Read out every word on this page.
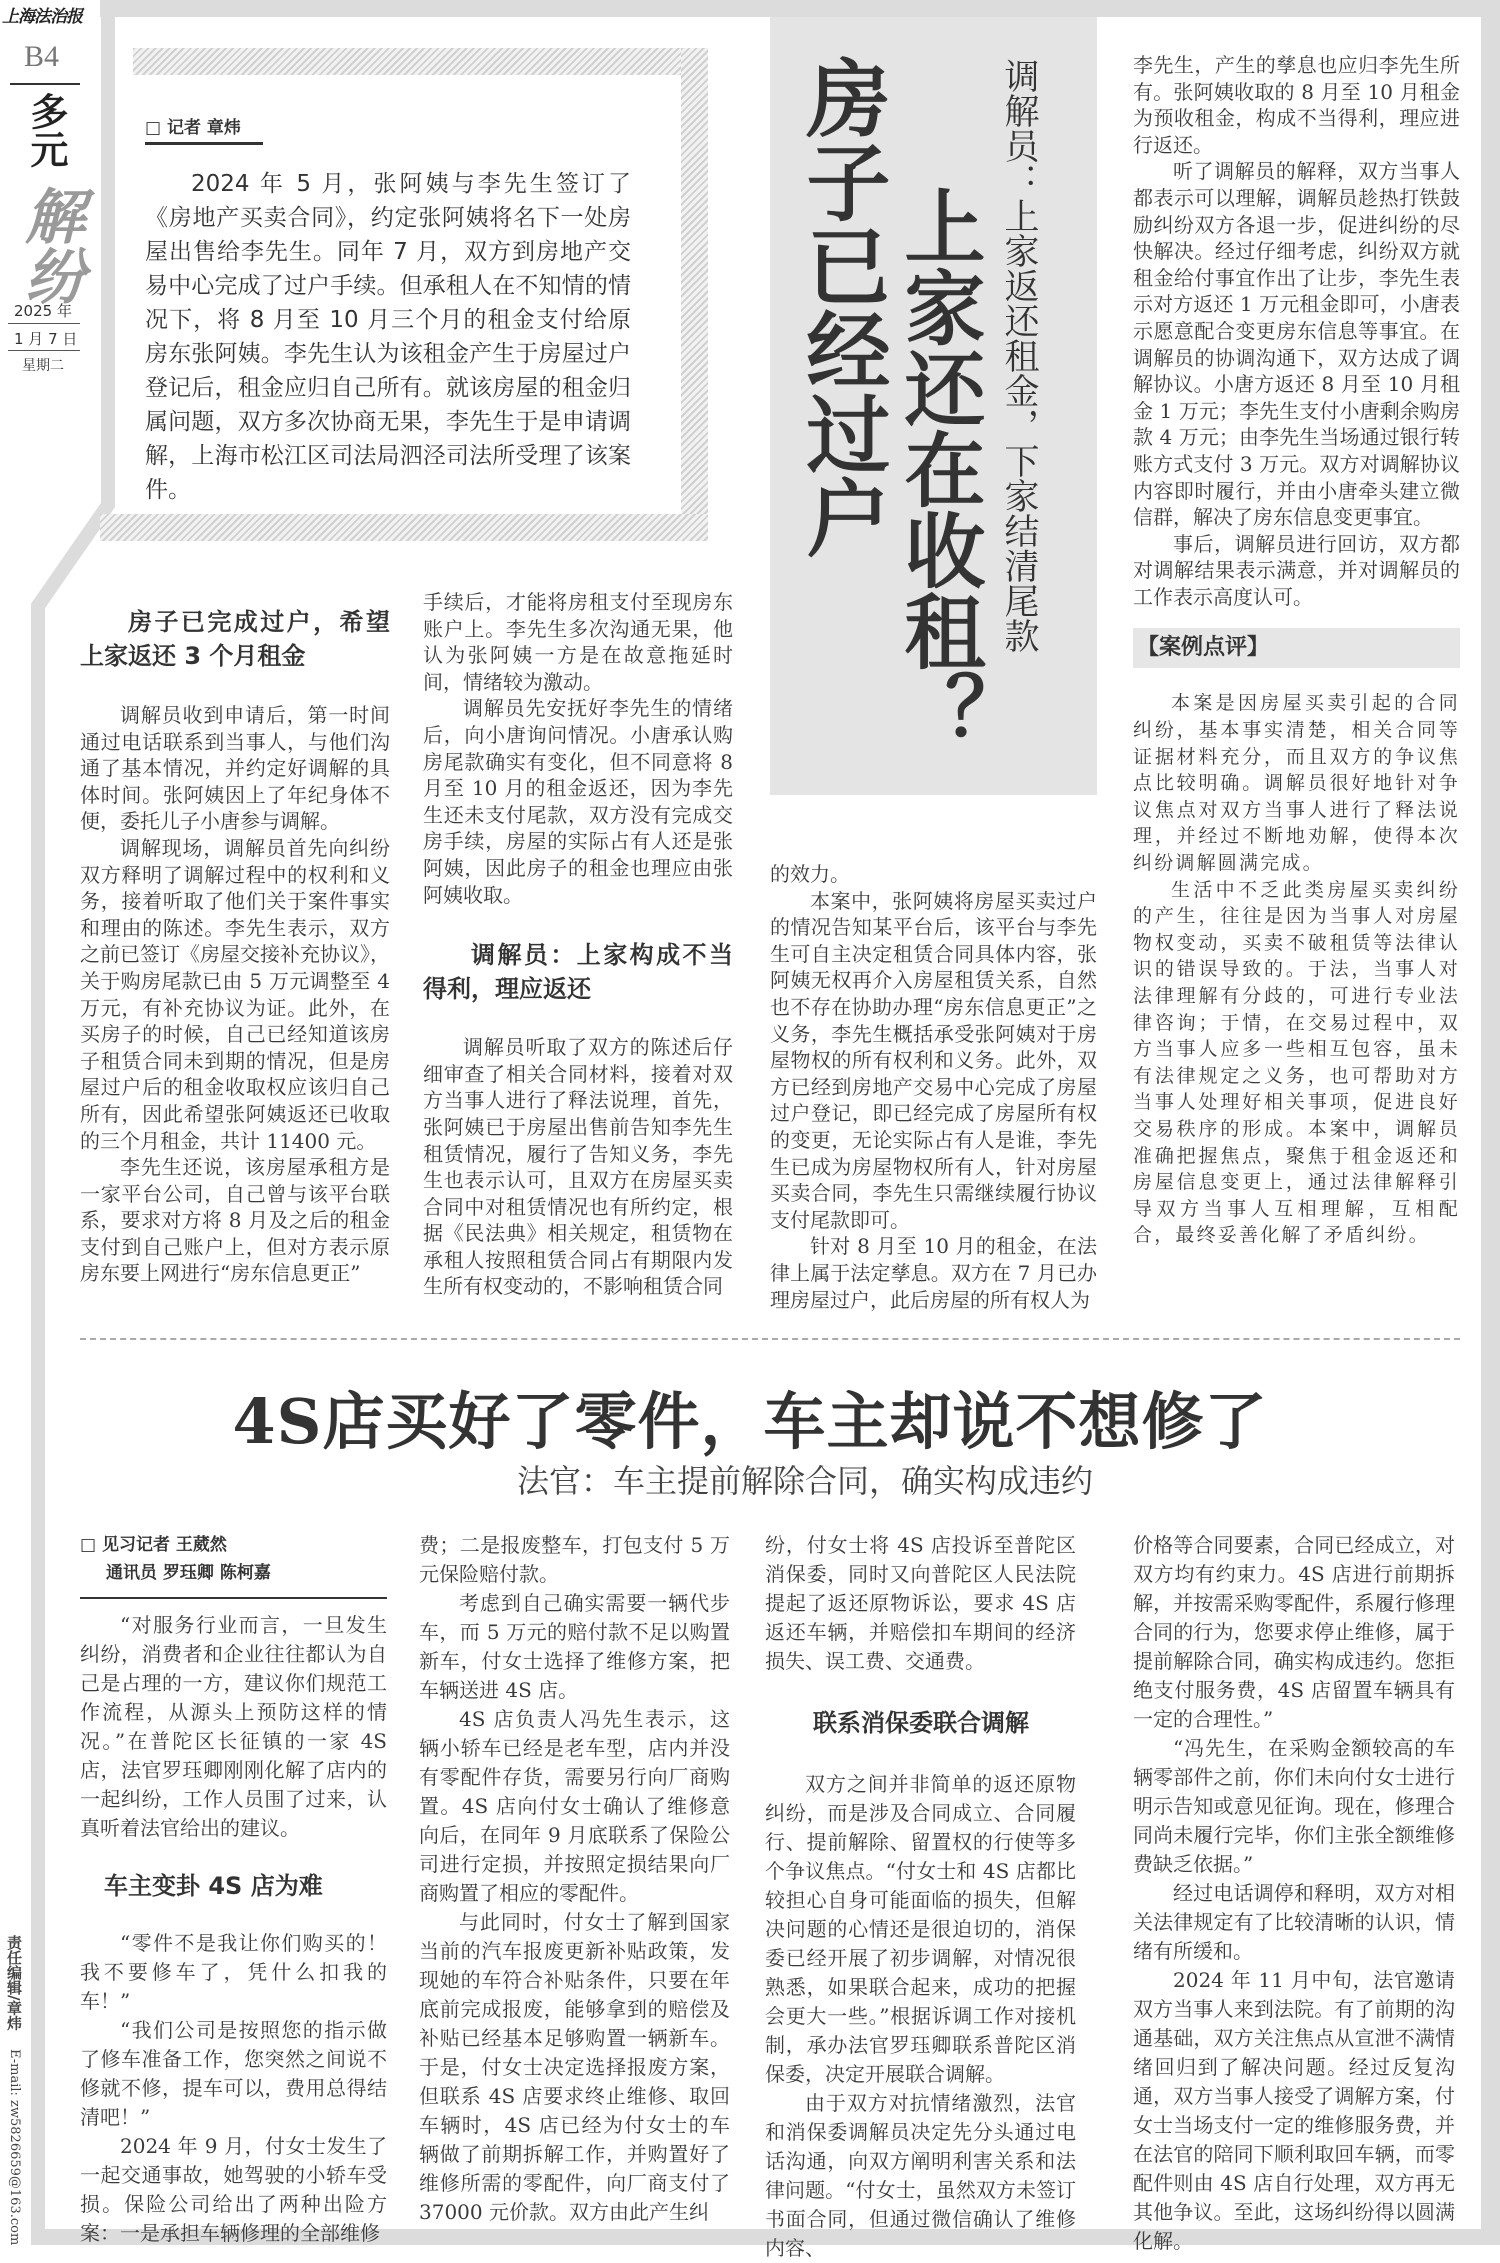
上海法治报
B4
多元
解纷
2025 年
1 月 7 日
星期二
责任编辑/章炜 E-mail: zw5826659@163.com
□ 记者 章炜

2024 年 5 月，张阿姨与李先生签订了《房地产买卖合同》，约定张阿姨将名下一处房屋出售给李先生。同年 7 月，双方到房地产交易中心完成了过户手续。但承租人在不知情的情况下，将 8 月至 10 月三个月的租金支付给原房东张阿姨。李先生认为该租金产生于房屋过户登记后，租金应归自己所有。就该房屋的租金归属问题，双方多次协商无果，李先生于是申请调解，上海市松江区司法局泗泾司法所受理了该案件。	房子已经过户 上家还在收租？ 调解员：上家返还租金，下家结清尾款
房子已完成过户，希望上家返还 3 个月租金

调解员收到申请后，第一时间通过电话联系到当事人，与他们沟通了基本情况，并约定好调解的具体时间。张阿姨因上了年纪身体不便，委托儿子小唐参与调解。

调解现场，调解员首先向纠纷双方释明了调解过程中的权利和义务，接着听取了他们关于案件事实和理由的陈述。李先生表示，双方之前已签订《房屋交接补充协议》，关于购房尾款已由 5 万元调整至 4 万元，有补充协议为证。此外，在买房子的时候，自己已经知道该房子租赁合同未到期的情况，但是房屋过户后的租金收取权应该归自己所有，因此希望张阿姨返还已收取的三个月租金，共计 11400 元。

李先生还说，该房屋承租方是一家平台公司，自己曾与该平台联系，要求对方将 8 月及之后的租金支付到自己账户上，但对方表示原房东要上网进行“房东信息更正”

手续后，才能将房租支付至现房东账户上。李先生多次沟通无果，他认为张阿姨一方是在故意拖延时间，情绪较为激动。

调解员先安抚好李先生的情绪后，向小唐询问情况。小唐承认购房尾款确实有变化，但不同意将 8 月至 10 月的租金返还，因为李先生还未支付尾款，双方没有完成交房手续，房屋的实际占有人还是张阿姨，因此房子的租金也理应由张阿姨收取。

调解员：上家构成不当得利，理应返还

调解员听取了双方的陈述后仔细审查了相关合同材料，接着对双方当事人进行了释法说理，首先，张阿姨已于房屋出售前告知李先生租赁情况，履行了告知义务，李先生也表示认可，且双方在房屋买卖合同中对租赁情况也有所约定，根据《民法典》相关规定，租赁物在承租人按照租赁合同占有期限内发生所有权变动的，不影响租赁合同

的效力。

本案中，张阿姨将房屋买卖过户的情况告知某平台后，该平台与李先生可自主决定租赁合同具体内容，张阿姨无权再介入房屋租赁关系，自然也不存在协助办理“房东信息更正”之义务，李先生概括承受张阿姨对于房屋物权的所有权利和义务。此外，双方已经到房地产交易中心完成了房屋过户登记，即已经完成了房屋所有权的变更，无论实际占有人是谁，李先生已成为房屋物权所有人，针对房屋买卖合同，李先生只需继续履行协议支付尾款即可。

针对 8 月至 10 月的租金，在法律上属于法定孳息。双方在 7 月已办理房屋过户，此后房屋的所有权人为

李先生，产生的孳息也应归李先生所有。张阿姨收取的 8 月至 10 月租金为预收租金，构成不当得利，理应进行返还。

听了调解员的解释，双方当事人都表示可以理解，调解员趁热打铁鼓励纠纷双方各退一步，促进纠纷的尽快解决。经过仔细考虑，纠纷双方就租金给付事宜作出了让步，李先生表示对方返还 1 万元租金即可，小唐表示愿意配合变更房东信息等事宜。在调解员的协调沟通下，双方达成了调解协议。小唐方返还 8 月至 10 月租金 1 万元；李先生支付小唐剩余购房款 4 万元；由李先生当场通过银行转账方式支付 3 万元。双方对调解协议内容即时履行，并由小唐牵头建立微信群，解决了房东信息变更事宜。

事后，调解员进行回访，双方都对调解结果表示满意，并对调解员的工作表示高度认可。

【案例点评】

本案是因房屋买卖引起的合同纠纷，基本事实清楚，相关合同等证据材料充分，而且双方的争议焦点比较明确。调解员很好地针对争议焦点对双方当事人进行了释法说理，并经过不断地劝解，使得本次纠纷调解圆满完成。

生活中不乏此类房屋买卖纠纷的产生，往往是因为当事人对房屋物权变动，买卖不破租赁等法律认识的错误导致的。于法，当事人对法律理解有分歧的，可进行专业法律咨询；于情，在交易过程中，双方当事人应多一些相互包容，虽未有法律规定之义务，也可帮助对方当事人处理好相关事项，促进良好交易秩序的形成。本案中，调解员准确把握焦点，聚焦于租金返还和房屋信息变更上，通过法律解释引导双方当事人互相理解，互相配合，最终妥善化解了矛盾纠纷。

4S店买好了零件，车主却说不想修了
法官：车主提前解除合同，确实构成违约
□ 见习记者 王葳然
通讯员 罗珏卿 陈柯嘉

“对服务行业而言，一旦发生纠纷，消费者和企业往往都认为自己是占理的一方，建议你们规范工作流程，从源头上预防这样的情况。”在普陀区长征镇的一家 4S 店，法官罗珏卿刚刚化解了店内的一起纠纷，工作人员围了过来，认真听着法官给出的建议。

车主变卦 4S 店为难

“零件不是我让你们购买的！我不要修车了，凭什么扣我的车！”

“我们公司是按照您的指示做了修车准备工作，您突然之间说不修就不修，提车可以，费用总得结清吧！”

2024 年 9 月，付女士发生了一起交通事故，她驾驶的小轿车受损。保险公司给出了两种出险方案：一是承担车辆修理的全部维修

费；二是报废整车，打包支付 5 万元保险赔付款。

考虑到自己确实需要一辆代步车，而 5 万元的赔付款不足以购置新车，付女士选择了维修方案，把车辆送进 4S 店。

4S 店负责人冯先生表示，这辆小轿车已经是老车型，店内并没有零配件存货，需要另行向厂商购置。4S 店向付女士确认了维修意向后，在同年 9 月底联系了保险公司进行定损，并按照定损结果向厂商购置了相应的零配件。

与此同时，付女士了解到国家当前的汽车报废更新补贴政策，发现她的车符合补贴条件，只要在年底前完成报废，能够拿到的赔偿及补贴已经基本足够购置一辆新车。于是，付女士决定选择报废方案，但联系 4S 店要求终止维修、取回车辆时，4S 店已经为付女士的车辆做了前期拆解工作，并购置好了维修所需的零配件，向厂商支付了 37000 元价款。双方由此产生纠

纷，付女士将 4S 店投诉至普陀区消保委，同时又向普陀区人民法院提起了返还原物诉讼，要求 4S 店返还车辆，并赔偿扣车期间的经济损失、误工费、交通费。

联系消保委联合调解

双方之间并非简单的返还原物纠纷，而是涉及合同成立、合同履行、提前解除、留置权的行使等多个争议焦点。“付女士和 4S 店都比较担心自身可能面临的损失，但解决问题的心情还是很迫切的，消保委已经开展了初步调解，对情况很熟悉，如果联合起来，成功的把握会更大一些。”根据诉调工作对接机制，承办法官罗珏卿联系普陀区消保委，决定开展联合调解。

由于双方对抗情绪激烈，法官和消保委调解员决定先分头通过电话沟通，向双方阐明利害关系和法律问题。“付女士，虽然双方未签订书面合同，但通过微信确认了维修内容、

价格等合同要素，合同已经成立，对双方均有约束力。4S 店进行前期拆解，并按需采购零配件，系履行修理合同的行为，您要求停止维修，属于提前解除合同，确实构成违约。您拒绝支付服务费，4S 店留置车辆具有一定的合理性。”

“冯先生，在采购金额较高的车辆零部件之前，你们未向付女士进行明示告知或意见征询。现在，修理合同尚未履行完毕，你们主张全额维修费缺乏依据。”

经过电话调停和释明，双方对相关法律规定有了比较清晰的认识，情绪有所缓和。

2024 年 11 月中旬，法官邀请双方当事人来到法院。有了前期的沟通基础，双方关注焦点从宣泄不满情绪回归到了解决问题。经过反复沟通，双方当事人接受了调解方案，付女士当场支付一定的维修服务费，并在法官的陪同下顺利取回车辆，而零配件则由 4S 店自行处理，双方再无其他争议。至此，这场纠纷得以圆满化解。
